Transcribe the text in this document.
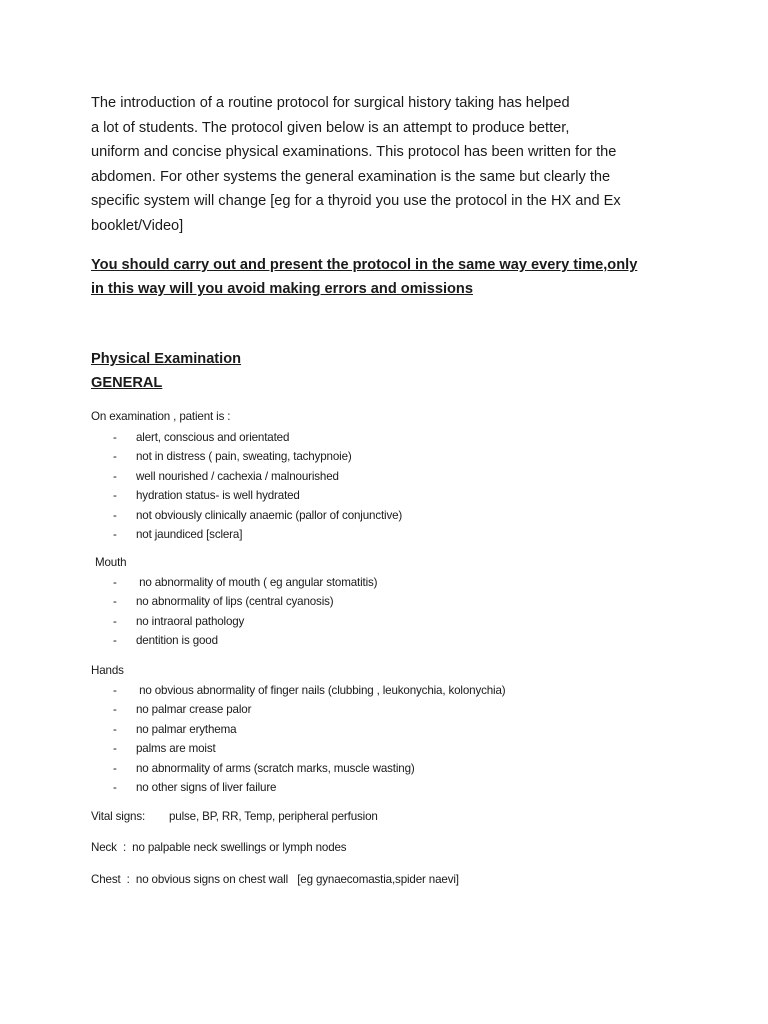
The introduction of a routine protocol for surgical history taking has helped
a lot of students. The protocol given below is an attempt to produce better,
uniform and concise physical examinations. This protocol has been written for the
abdomen. For other systems the general examination is the same but clearly the
specific system will change [eg for a thyroid you use the protocol in the HX and Ex
booklet/Video]
You should carry out and present the protocol in the same way every time,only
in this way will you avoid making errors and omissions
Physical Examination
GENERAL
On examination , patient is :
- alert, conscious and orientated
- not in distress ( pain, sweating, tachypnoie)
- well nourished / cachexia / malnourished
- hydration status- is well hydrated
- not obviously clinically anaemic (pallor of conjunctive)
- not jaundiced [sclera]
Mouth
- no abnormality of mouth ( eg angular stomatitis)
- no abnormality of lips (central cyanosis)
- no intraoral pathology
- dentition is good
Hands
- no obvious abnormality of finger nails (clubbing , leukonychia, kolonychia)
- no palmar crease palor
- no palmar erythema
- palms are moist
- no abnormality of arms (scratch marks, muscle wasting)
- no other signs of liver failure
Vital signs: pulse, BP, RR, Temp, peripheral perfusion
Neck  :  no palpable neck swellings or lymph nodes
Chest  :  no obvious signs on chest wall   [eg gynaecomastia,spider naevi]
